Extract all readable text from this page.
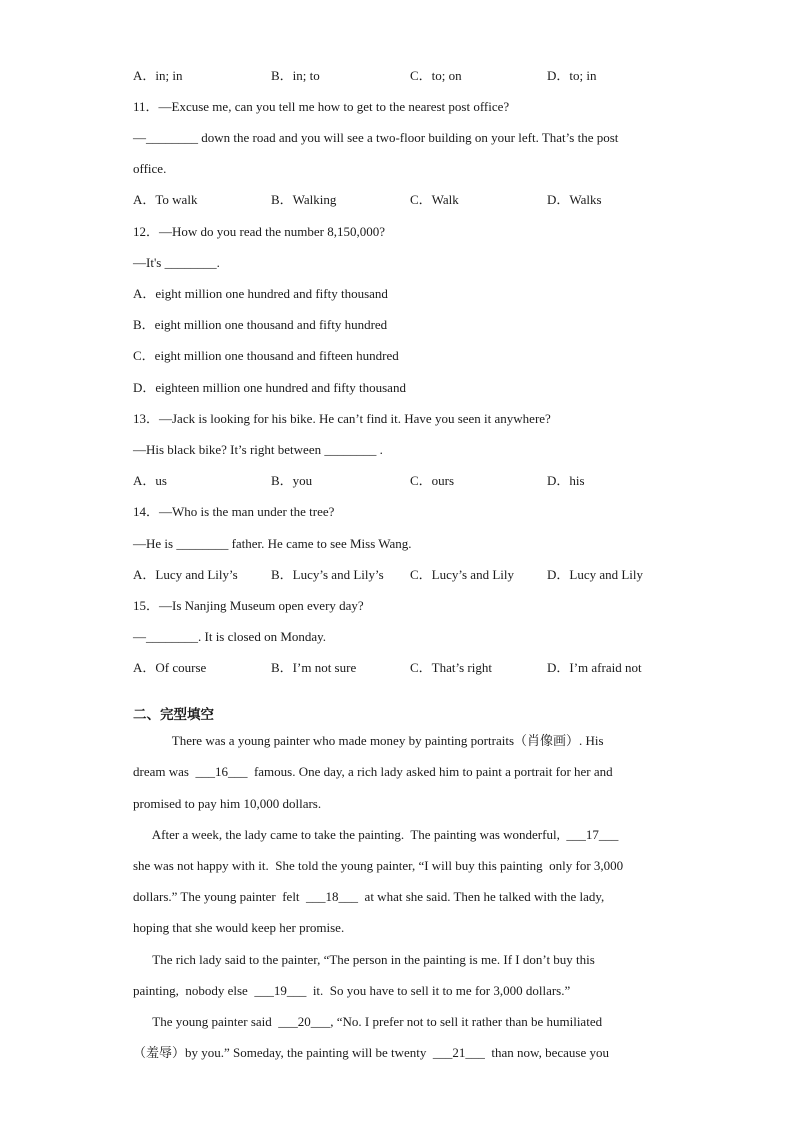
A．in; in	B．in; to	C．to; on	D．to; in
11．—Excuse me, can you tell me how to get to the nearest post office?
—________ down the road and you will see a two-floor building on your left. That’s the post
office.
A．To walk	B．Walking	C．Walk	D．Walks
12．—How do you read the number 8,150,000?
—It's ________.
A．eight million one hundred and fifty thousand
B．eight million one thousand and fifty hundred
C．eight million one thousand and fifteen hundred
D．eighteen million one hundred and fifty thousand
13．—Jack is looking for his bike. He can’t find it. Have you seen it anywhere?
—His black bike? It’s right between ________ .
A．us	B．you	C．ours	D．his
14．—Who is the man under the tree?
—He is ________ father. He came to see Miss Wang.
A．Lucy and Lily’s	B．Lucy’s and Lily’s C．Lucy’s and Lily	D．Lucy and Lily
15．—Is Nanjing Museum open every day?
—________. It is closed on Monday.
A．Of course	B．I’m not sure	C．That’s right	D．I’m afraid not
二、完型填空
There was a young painter who made money by painting portraits（肖像画）. His
dream was  ___16___  famous. One day, a rich lady asked him to paint a portrait for her and
promised to pay him 10,000 dollars.
After a week, the lady came to take the painting.  The painting was wonderful,  ___17___
she was not happy with it.  She told the young painter, “I will buy this painting  only for 3,000
dollars.” The young painter  felt  ___18___  at what she said. Then he talked with the lady,
hoping that she would keep her promise.
The rich lady said to the painter, “The person in the painting is me. If I don’t buy this
painting,  nobody else  ___19___  it.  So you have to sell it to me for 3,000 dollars.”
The young painter said  ___20___, “No. I prefer not to sell it rather than be humiliated
（羞辱）by you.” Someday, the painting will be twenty  ___21___  than now, because you
